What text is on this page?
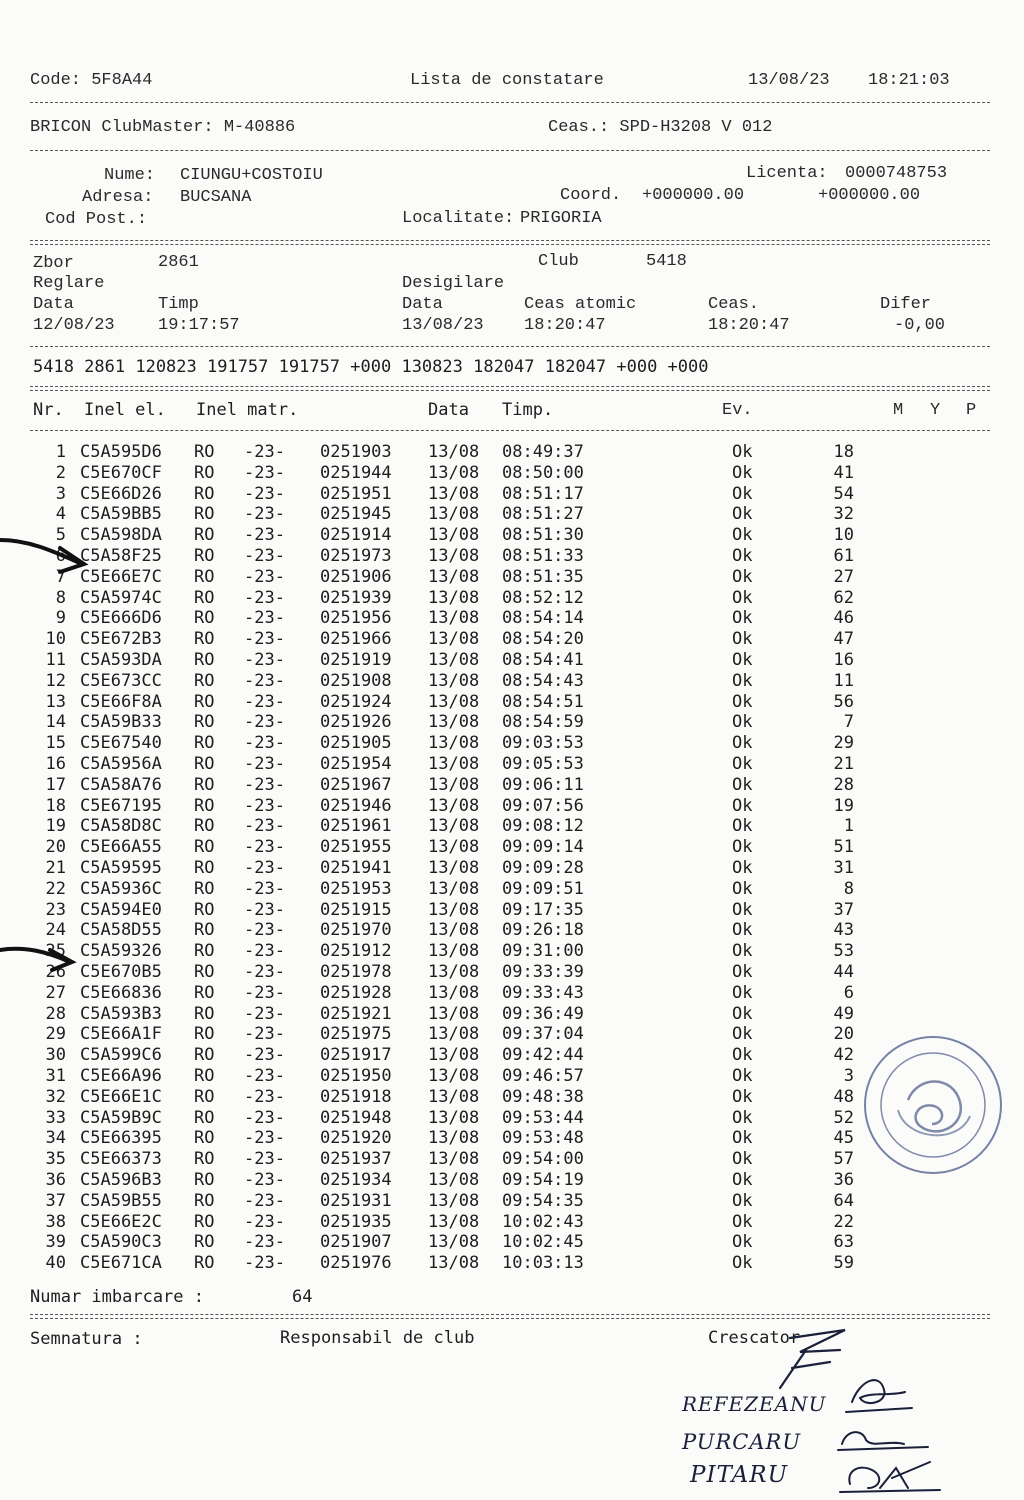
Code: 5F8A44	Lista de constatare	13/08/23 18:21:03
BRICON ClubMaster: M-40886	Ceas.: SPD-H3208 V 012
Nume: CIUNGU+COSTOIU	Licenta: 0000748753
Adresa: BUCSANA	Coord. +000000.00	+000000.00
Cod Post.:	Localitate: PRIGORIA
Zbor	2861	Club	5418
Reglare	Desigilare
Data	Timp	Data	Ceas atomic	Ceas.	Difer
12/08/23	19:17:57	13/08/23 18:20:47	18:20:47	-0,00
5418 2861 120823 191757 191757 +000 130823 182047 182047 +000 +000
Nr. Inel el. Inel matr.	Data Timp.	Ev.	M Y P
1 C5A595D6 RO -23- 0251903 13/08 08:49:37	Ok	18
2 C5E670CF RO -23- 0251944 13/08 08:50:00	Ok	41
3 C5E66D26 RO -23- 0251951 13/08 08:51:17	Ok	54
4 C5A59BB5 RO -23- 0251945 13/08 08:51:27	Ok	32
5 C5A598DA RO -23- 0251914 13/08 08:51:30	Ok	10
6 C5A58F25 RO -23- 0251973 13/08 08:51:33	Ok	61
7 C5E66E7C RO -23- 0251906 13/08 08:51:35	Ok	27
8 C5A5974C RO -23- 0251939 13/08 08:52:12	Ok	62
9 C5E666D6 RO -23- 0251956 13/08 08:54:14	Ok	46
10 C5E672B3 RO -23- 0251966 13/08 08:54:20	Ok	47
11 C5A593DA RO -23- 0251919 13/08 08:54:41	Ok	16
12 C5E673CC RO -23- 0251908 13/08 08:54:43	Ok	11
13 C5E66F8A RO -23- 0251924 13/08 08:54:51	Ok	56
14 C5A59B33 RO -23- 0251926 13/08 08:54:59	Ok	7
15 C5E67540 RO -23- 0251905 13/08 09:03:53	Ok	29
16 C5A5956A RO -23- 0251954 13/08 09:05:53	Ok	21
17 C5A58A76 RO -23- 0251967 13/08 09:06:11	Ok	28
18 C5E67195 RO -23- 0251946 13/08 09:07:56	Ok	19
19 C5A58D8C RO -23- 0251961 13/08 09:08:12	Ok	1
20 C5E66A55 RO -23- 0251955 13/08 09:09:14	Ok	51
21 C5A59595 RO -23- 0251941 13/08 09:09:28	Ok	31
22 C5A5936C RO -23- 0251953 13/08 09:09:51	Ok	8
23 C5A594E0 RO -23- 0251915 13/08 09:17:35	Ok	37
24 C5A58D55 RO -23- 0251970 13/08 09:26:18	Ok	43
25 C5A59326 RO -23- 0251912 13/08 09:31:00	Ok	53
26 C5E670B5 RO -23- 0251978 13/08 09:33:39	Ok	44
27 C5E66836 RO -23- 0251928 13/08 09:33:43	Ok	6
28 C5A593B3 RO -23- 0251921 13/08 09:36:49	Ok	49
29 C5E66A1F RO -23- 0251975 13/08 09:37:04	Ok	20
30 C5A599C6 RO -23- 0251917 13/08 09:42:44	Ok	42
31 C5E66A96 RO -23- 0251950 13/08 09:46:57	Ok	3
32 C5E66E1C RO -23- 0251918 13/08 09:48:38	Ok	48
33 C5A59B9C RO -23- 0251948 13/08 09:53:44	Ok	52
34 C5E66395 RO -23- 0251920 13/08 09:53:48	Ok	45
35 C5E66373 RO -23- 0251937 13/08 09:54:00	Ok	57
36 C5A596B3 RO -23- 0251934 13/08 09:54:19	Ok	36
37 C5A59B55 RO -23- 0251931 13/08 09:54:35	Ok	64
38 C5E66E2C RO -23- 0251935 13/08 10:02:43	Ok	22
39 C5A590C3 RO -23- 0251907 13/08 10:02:45	Ok	63
40 C5E671CA RO -23- 0251976 13/08 10:03:13	Ok	59
Numar imbarcare :	64
Semnatura :	Responsabil de club	Crescator
REFEZEANU
PURCARU
PITARU
